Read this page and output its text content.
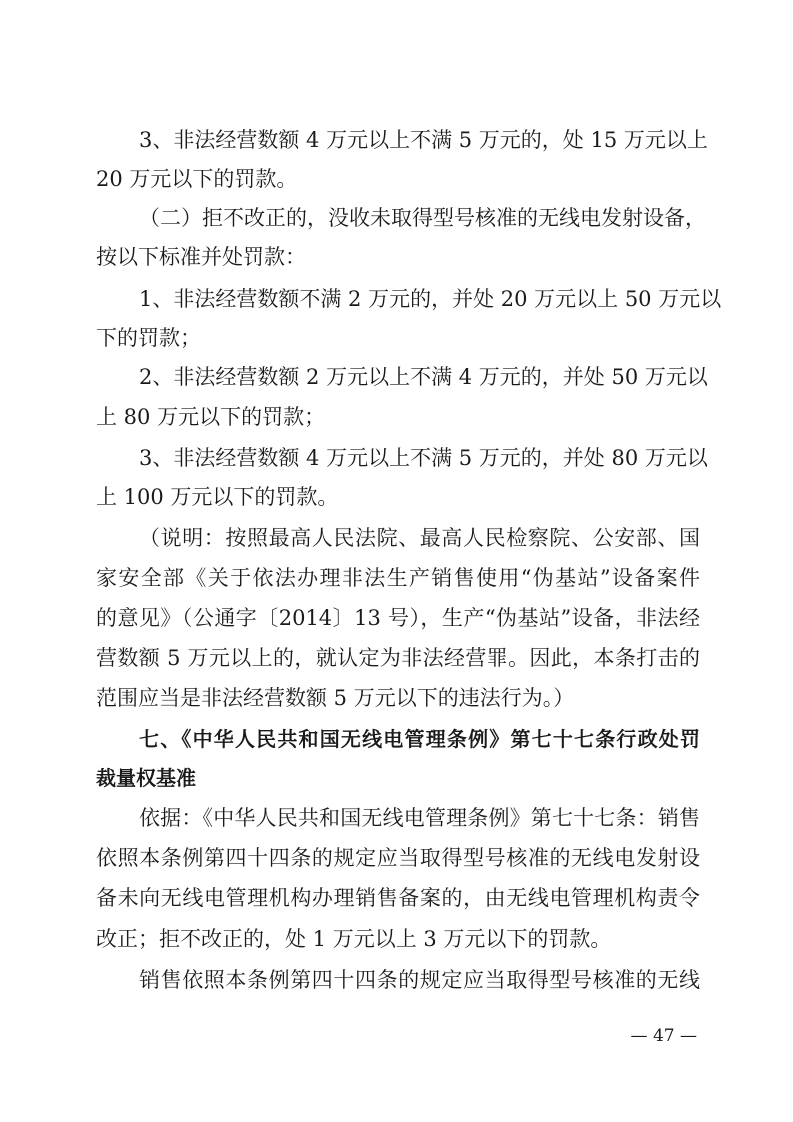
3、非法经营数额 4 万元以上不满 5 万元的，处 15 万元以上
20 万元以下的罚款。
（二）拒不改正的，没收未取得型号核准的无线电发射设备，
按以下标准并处罚款：
1、非法经营数额不满 2 万元的，并处 20 万元以上 50 万元以
下的罚款；
2、非法经营数额 2 万元以上不满 4 万元的，并处 50 万元以
上 80 万元以下的罚款；
3、非法经营数额 4 万元以上不满 5 万元的，并处 80 万元以
上 100 万元以下的罚款。
（说明：按照最高人民法院、最高人民检察院、公安部、国
家安全部《关于依法办理非法生产销售使用“伪基站”设备案件
的意见》（公通字〔2014〕13 号），生产“伪基站”设备，非法经
营数额 5 万元以上的，就认定为非法经营罪。因此，本条打击的
范围应当是非法经营数额 5 万元以下的违法行为。）
七、《中华人民共和国无线电管理条例》第七十七条行政处罚
裁量权基准
依据：《中华人民共和国无线电管理条例》第七十七条：销售
依照本条例第四十四条的规定应当取得型号核准的无线电发射设
备未向无线电管理机构办理销售备案的，由无线电管理机构责令
改正；拒不改正的，处 1 万元以上 3 万元以下的罚款。
销售依照本条例第四十四条的规定应当取得型号核准的无线
— 47 —
